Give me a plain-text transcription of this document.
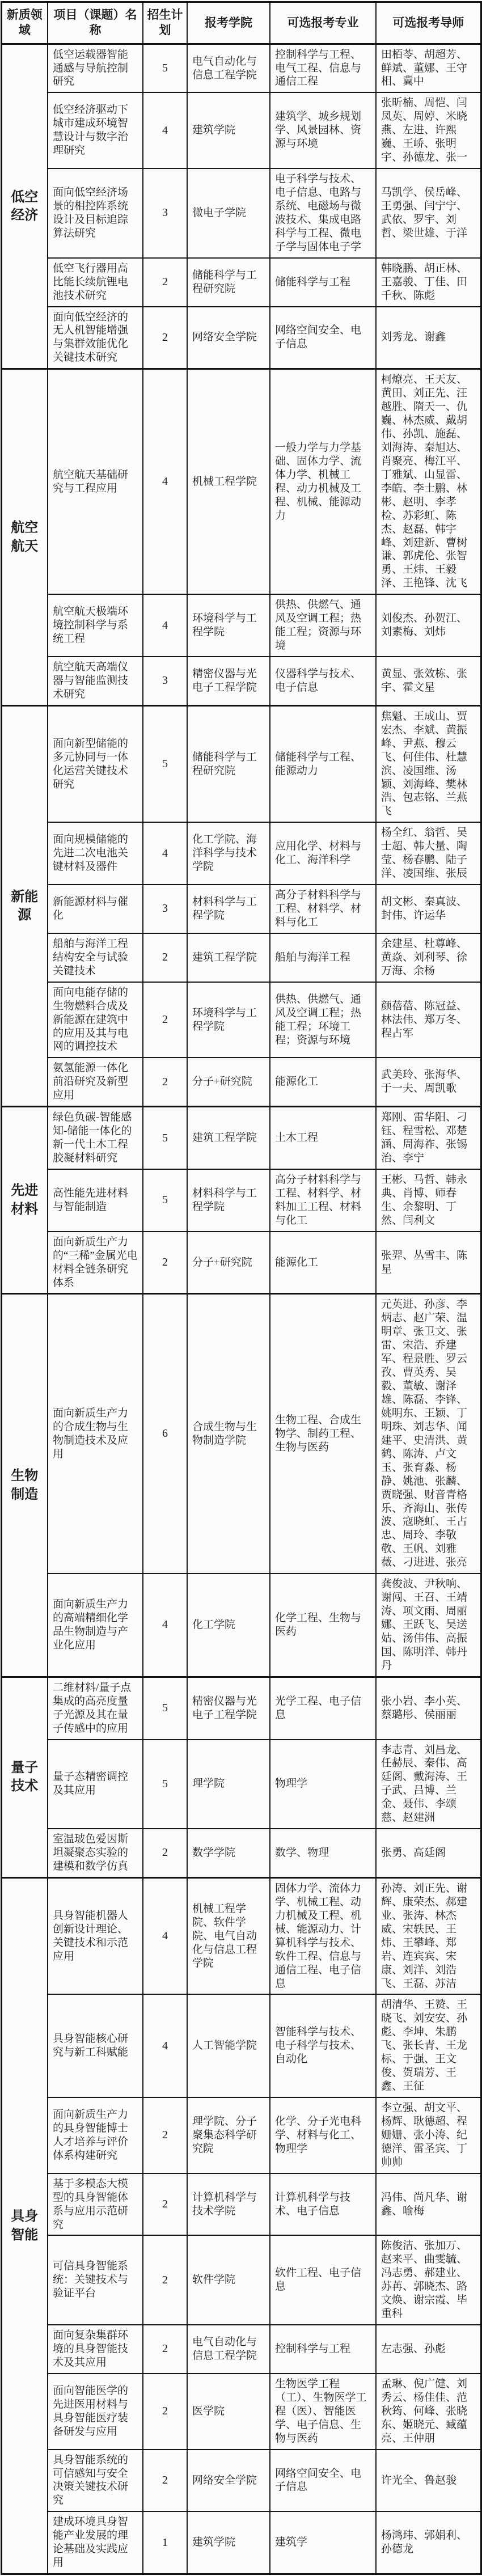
新质领域	项目（课题）名称	招生计划	报考学院	可选报考专业	可选报考导师
低空经济	低空运载器智能通感与导航控制研究	5	电气自动化与信息工程学院	控制科学与工程、电气工程、信息与通信工程	田栢苓、胡超芳、鲜斌、董娜、王守相、冀中
	低空经济驱动下城市建成环境智慧设计与数字治理研究	4	建筑学院	建筑学、城乡规划学、风景园林、资源与环境	张昕楠、周恺、闫凤英、周婷、米晓燕、左进、许熙巍、王峤、张明宇、孙德龙、张一
	面向低空经济场景的相控阵系统设计及目标追踪算法研究	3	微电子学院	电子科学与技术、电子信息、电路与系统、电磁场与微波技术、集成电路科学与工程、微电子学与固体电子学	马凯学、侯岳峰、王勇强、闫宁宁、武依、罗宇、刘哲、梁世雄、于洋
	低空飞行器用高比能长续航锂电池技术研究	2	储能科学与工程研究院	储能科学与工程	韩晓鹏、胡正林、王嘉骏、丁佳、田千秋、陈彪
	面向低空经济的无人机智能增强与集群效能优化关键技术研究	2	网络安全学院	网络空间安全、电子信息	刘秀龙、谢鑫
航空航天	航空航天基础研究与工程应用	4	机械工程学院	一般力学与力学基础、固体力学、流体力学、机械工程、动力机械及工程、机械、能源动力	柯燎亮、王天友、黄田、刘正先、汪越胜、隋天一、仇巍、林杰威、戴胡伟、孙凯、施磊、刘海涛、秦旭达、肖聚亮、梅江平、丁雅斌、山显雷、李皓、李士鹏、林彬、赵明、李孝检、苏彩虹、陈杰、赵磊、韩宇峰、刘建新、曹树谦、郭虎伦、张智勇、王炜、王毅泽、王艳锋、沈飞
	航空航天极端环境控制科学与系统工程	4	环境科学与工程学院	供热、供燃气、通风及空调工程；热能工程；资源与环境	刘俊杰、孙贺江、刘素梅、刘炜
	航空航天高端仪器与智能监测技术研究	3	精密仪器与光电子工程学院	仪器科学与技术、电子信息	黄显、张效栋、张宇、霍文星
新能源	面向新型储能的多元协同与一体化运营关键技术研究	5	储能科学与工程研究院	储能科学与工程、能源动力	焦魁、王成山、贾宏杰、李斌、黄振峰、尹燕、穆云飞、何佳伟、杜慧滨、凌国维、汤颖、刘海峰、樊林浩、包志铭、兰燕飞
	面向规模储能的先进二次电池关键材料及器件	4	化工学院、海洋科学与技术学院	应用化学、材料与化工、海洋科学	杨全红、翁哲、吴士超、韩大量、陶莹、杨春鹏、陆子洋、凌国维、张辰
	新能源材料与催化	3	材料科学与工程学院	高分子材料科学与工程、材料学、材料与化工	胡文彬、秦真波、封伟、许运华
	船舶与海洋工程结构安全与试验关键技术	2	建筑工程学院	船舶与海洋工程	余建星、杜尊峰、黄焱、刘利琴、徐万海、余杨
	面向电能存储的生物燃料合成及新能源在建筑中的应用及其与电网的调控技术	2	环境科学与工程学院	供热、供燃气、通风及空调工程；热能工程；环境工程；资源与环境	颜蓓蓓、陈冠益、林法伟、郑万冬、程占军
	氨氢能源一体化前沿研究及新型应用	2	分子+研究院	能源化工	武美玲、张海华、于一夫、周凯歌
先进材料	绿色负碳-智能感知-储能一体化的新一代土木工程胶凝材料研究	5	建筑工程学院	土木工程	郑刚、雷华阳、刁钰、程雪松、邓楚涵、周海祚、张锡治、李宁
	高性能先进材料与智能制造	5	材料科学与工程学院	高分子材料科学与工程、材料学、材料加工工程、材料与化工	王彬、马哲、韩永典、肖博、师春生、余黎明、丁然、闫利文
	面向新质生产力的“三稀”金属光电材料全链条研究体系	2	分子+研究院	能源化工	张羿、丛雪丰、陈星
生物制造	面向新质生产力的合成生物与生物制造技术及应用	6	合成生物与生物制造学院	生物工程、合成生物学、制药工程、生物与医药	元英进、孙彦、李炳志、赵广荣、温明章、张卫文、张雷、宋浩、乔建军、程景胜、罗云孜、曹英秀、吴毅、董敏、谢泽雄、陈磊、李锋、姚明东、王颖、丁明珠、刘志华、闻建平、史清洪、黄鹤、陈涛、卢文玉、张育淼、杨静、姚池、张麟、贾晓强、财音青格乐、齐海山、张传波、寇晓虹、王占忠、周玲、李敬敬、王帆、刘雅薇、刁进进、张亮
	面向新质生产力的高端精细化学品生物制造与产业化应用	4	化工学院	化学工程、生物与医药	龚俊波、尹秋响、谢闯、王召、王靖涛、项文雨、周丽娜、王跃飞、吴送姑、汤伟伟、高振国、陈明洋、韩丹丹
量子技术	二维材料/量子点集成的高亮度量子光源及其在量子传感中的应用	5	精密仪器与光电子工程学院	光学工程、电子信息	张小岩、李小英、蔡璐彤、侯丽丽
	量子态精密调控及其应用	5	理学院	物理学	李志青、刘昌龙、任赫辰、秦伟、高廷阁、戴海涛、王子武、吕博、兰金、聂伟、李颂慈、赵建洲
	室温玻色爱因斯坦凝聚态实验的建模和数学仿真	2	数学学院	数学、物理	张勇、高廷阁
具身智能	具身智能机器人创新设计理论、关键技术和示范应用	4	机械工程学院、软件学院、电气自动化与信息工程学院	固体力学、流体力学、机械工程、动力机械及工程、机械、能源动力、计算机科学与技术、软件工程、信息与通信工程、电子信息	孙涛、刘正先、谢辉、康荣杰、郝建业、张涛、林杰威、宋轶民、王炜、王攀峰、郑岩、连宾宾、宋康、刘洋、刘浩飞、王磊、苏洁
	具身智能核心研究与新工科赋能	4	人工智能学院	智能科学与技术、电子科学与技术、自动化	胡清华、王赞、王晓飞、刘安安、孙彪、李坤、朱鹏飞、张长青、王龙标、于强、王文俊、贺瑞芳、王鑫、王征
	面向新质生产力的具身智能博士人才培养与评价体系构建研究	2	理学院、分子聚集态科学研究院	化学、分子光电科学、材料与化工、物理学	李立强、胡文平、杨辉、耿德超、程姗姗、张小涛、纪德洋、雷圣宾、丁帅帅
	基于多模态大模型的具身智能体系与应用示范研究	2	计算机科学与技术学院	计算机科学与技术、电子信息	冯伟、尚凡华、谢鑫、喻梅
	可信具身智能系统：关键技术与验证平台	2	软件学院	软件工程、电子信息	陈俊洁、张加万、赵来平、曲雯毓、冯志勇、郝建业、苏苒、郭晓杰、路文焕、谢宗霞、毕重科
	面向复杂集群环境的具身智能技术及其应用	2	电气自动化与信息工程学院	控制科学与工程	左志强、孙彪
	面向智能医学的先进医用材料与具身智能医疗装备研发与应用	2	医学院	生物医学工程（工）、生物医学工程（医）、智能医学、电子信息、生物与医药	孟琳、倪广健、刘秀云、杨佳佳、范秋筠、何峰、张晓东、姬晓元、臧蕴亮、王仲朋
	具身智能系统的可信感知与安全决策关键技术研究	2	网络安全学院	网络空间安全、电子信息	许光全、鲁赵骏
	建成环境具身智能产业发展的理论基础及实践应用	1	建筑学院	建筑学	杨鸿玮、郭娟利、孙德龙
